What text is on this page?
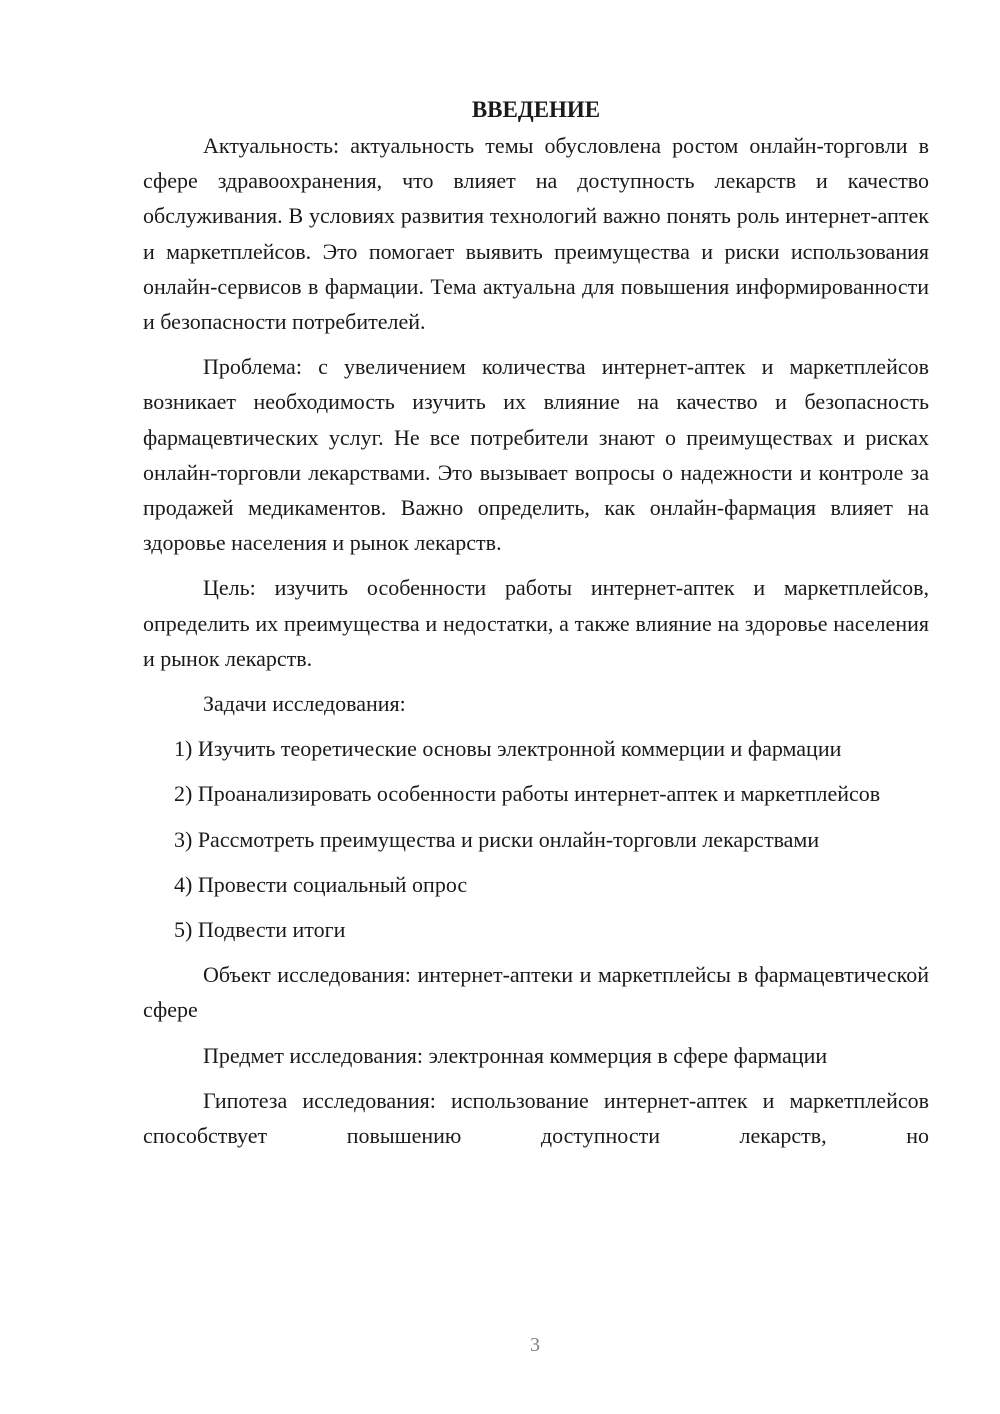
ВВЕДЕНИЕ

Актуальность: актуальность темы обусловлена ростом онлайн-торговли в сфере здравоохранения, что влияет на доступность лекарств и качество обслуживания. В условиях развития технологий важно понять роль интернет-аптек и маркетплейсов. Это помогает выявить преимущества и риски использования онлайн-сервисов в фармации. Тема актуальна для повышения информированности и безопасности потребителей.

Проблема: с увеличением количества интернет-аптек и маркетплейсов возникает необходимость изучить их влияние на качество и безопасность фармацевтических услуг. Не все потребители знают о преимуществах и рисках онлайн-торговли лекарствами. Это вызывает вопросы о надежности и контроле за продажей медикаментов. Важно определить, как онлайн-фармация влияет на здоровье населения и рынок лекарств.

Цель: изучить особенности работы интернет-аптек и маркетплейсов, определить их преимущества и недостатки, а также влияние на здоровье населения и рынок лекарств.

Задачи исследования:

1) Изучить теоретические основы электронной коммерции и фармации

2) Проанализировать особенности работы интернет-аптек и маркетплейсов

3) Рассмотреть преимущества и риски онлайн-торговли лекарствами

4) Провести социальный опрос

5) Подвести итоги

Объект исследования: интернет-аптеки и маркетплейсы в фармацевтической сфере

Предмет исследования: электронная коммерция в сфере фармации

Гипотеза исследования: использование интернет-аптек и маркетплейсов способствует повышению доступности лекарств, но

3
